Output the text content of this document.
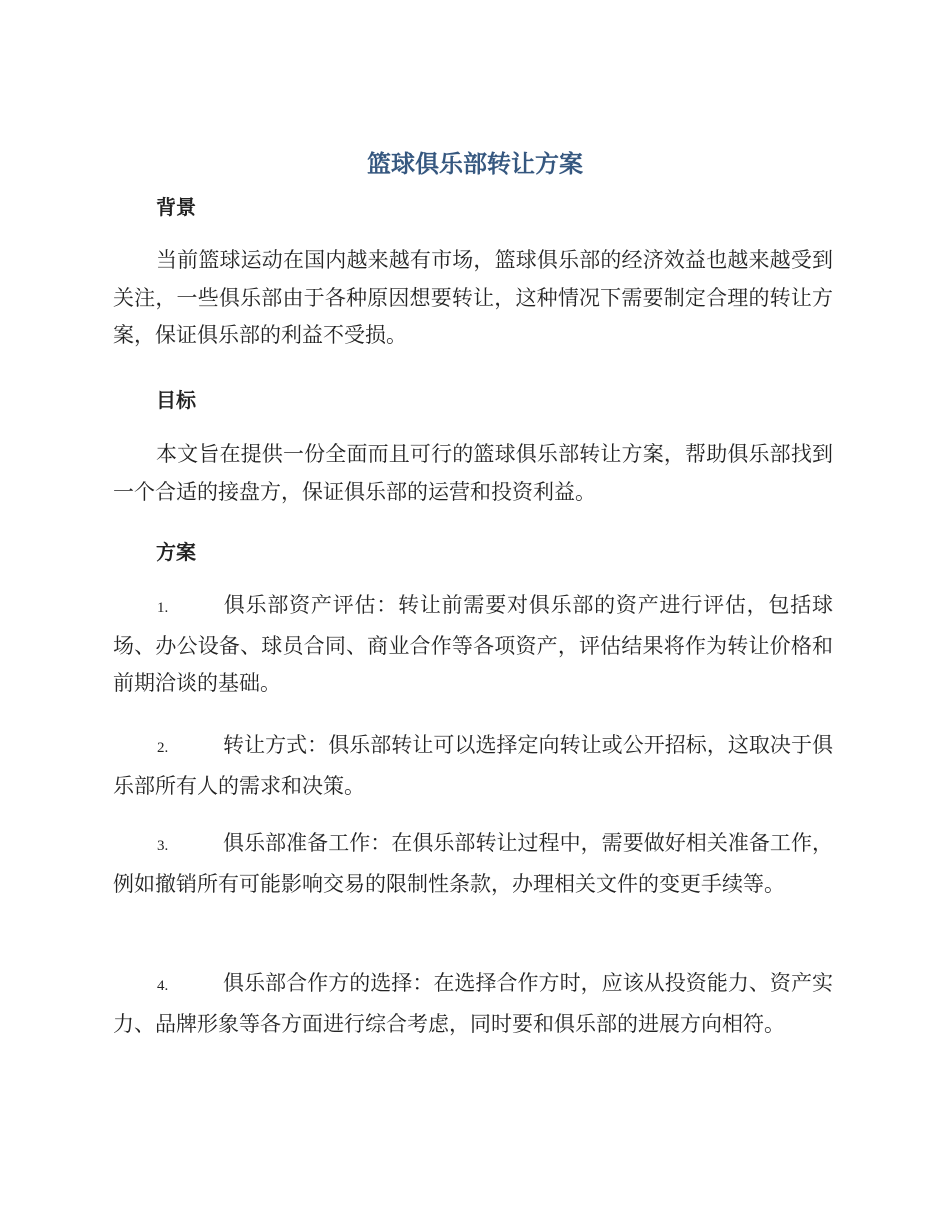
篮球俱乐部转让方案
背景

当前篮球运动在国内越来越有市场，篮球俱乐部的经济效益也越来越受到关注，一些俱乐部由于各种原因想要转让，这种情况下需要制定合理的转让方案，保证俱乐部的利益不受损。

目标

本文旨在提供一份全面而且可行的篮球俱乐部转让方案，帮助俱乐部找到一个合适的接盘方，保证俱乐部的运营和投资利益。

方案

1.	俱乐部资产评估：转让前需要对俱乐部的资产进行评估，包括球场、办公设备、球员合同、商业合作等各项资产，评估结果将作为转让价格和前期洽谈的基础。

2.	转让方式：俱乐部转让可以选择定向转让或公开招标，这取决于俱乐部所有人的需求和决策。

3.	俱乐部准备工作：在俱乐部转让过程中，需要做好相关准备工作，例如撤销所有可能影响交易的限制性条款，办理相关文件的变更手续等。

4.	俱乐部合作方的选择：在选择合作方时，应该从投资能力、资产实力、品牌形象等各方面进行综合考虑，同时要和俱乐部的进展方向相符。
